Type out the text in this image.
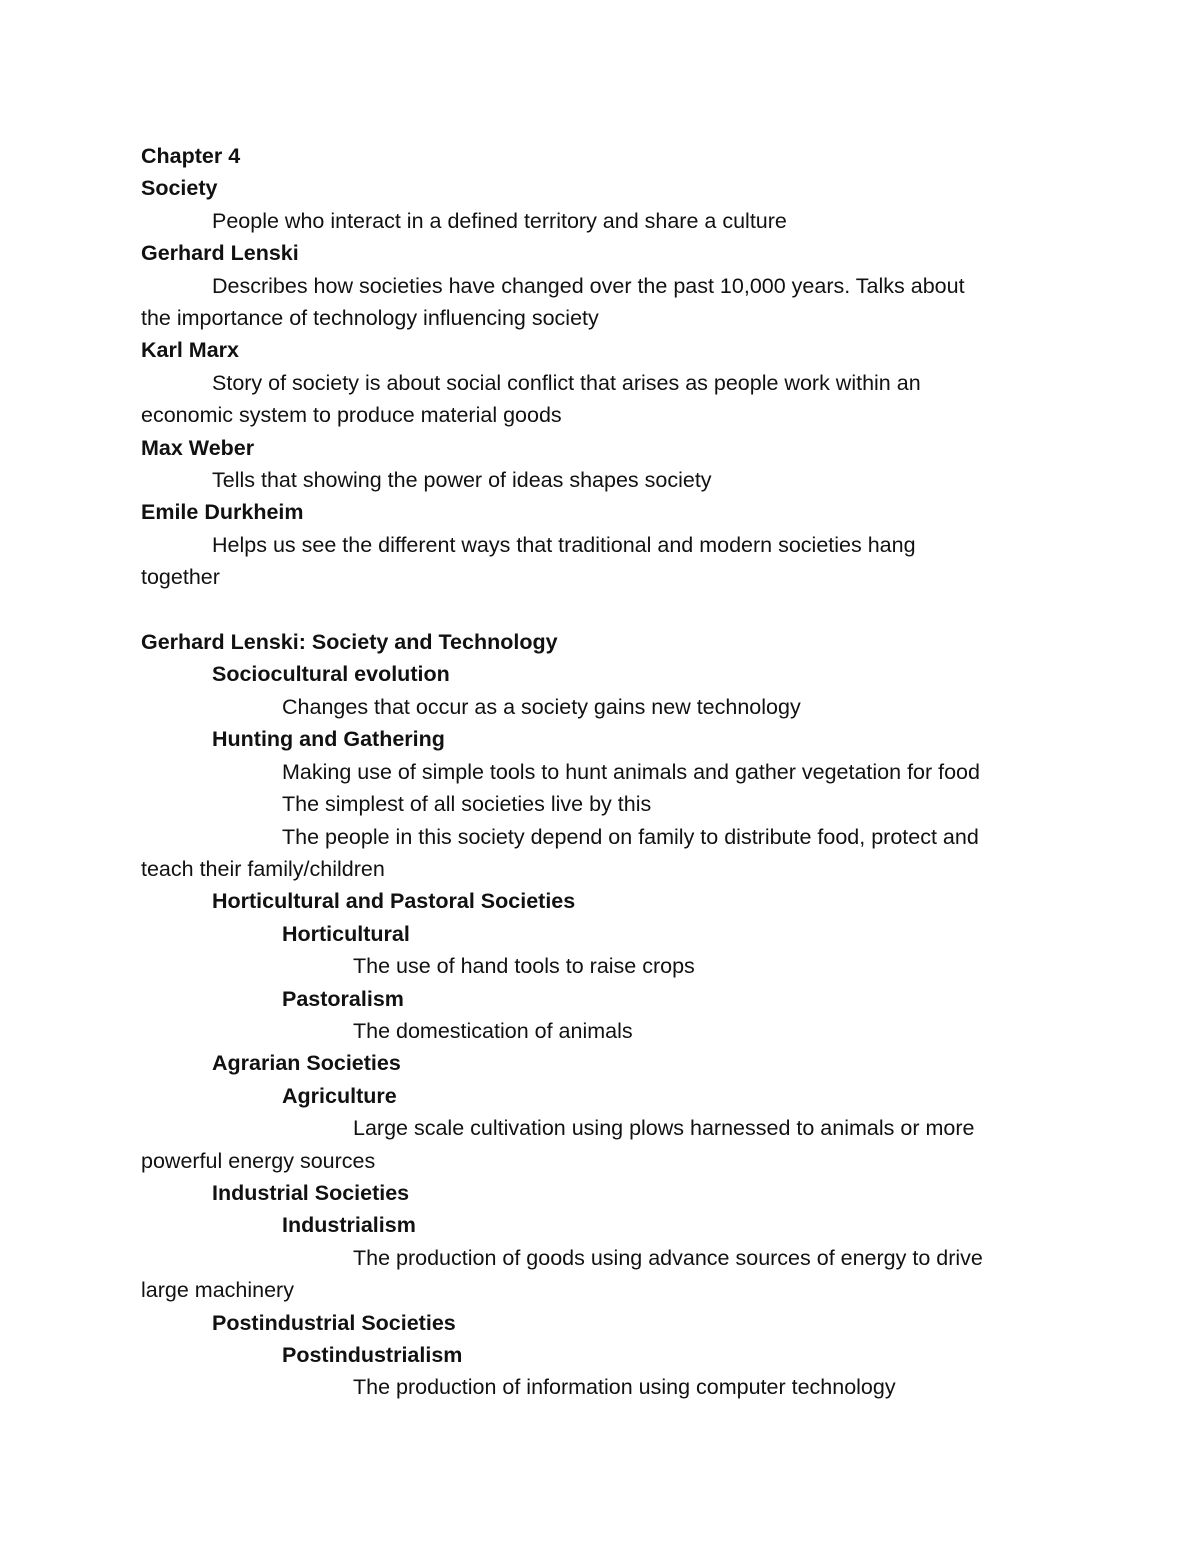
Chapter 4

Society

People who interact in a defined territory and share a culture

Gerhard Lenski

Describes how societies have changed over the past 10,000 years. Talks about

the importance of technology influencing society

Karl Marx

Story of society is about social conflict that arises as people work within an

economic system to produce material goods

Max Weber

Tells that showing the power of ideas shapes society

Emile Durkheim

Helps us see the different ways that traditional and modern societies hang

together

Gerhard Lenski: Society and Technology

Sociocultural evolution

Changes that occur as a society gains new technology

Hunting and Gathering

Making use of simple tools to hunt animals and gather vegetation for food

The simplest of all societies live by this

The people in this society depend on family to distribute food, protect and

teach their family/children

Horticultural and Pastoral Societies

Horticultural

The use of hand tools to raise crops

Pastoralism

The domestication of animals

Agrarian Societies

Agriculture

Large scale cultivation using plows harnessed to animals or more

powerful energy sources

Industrial Societies

Industrialism

The production of goods using advance sources of energy to drive

large machinery

Postindustrial Societies

Postindustrialism

The production of information using computer technology
